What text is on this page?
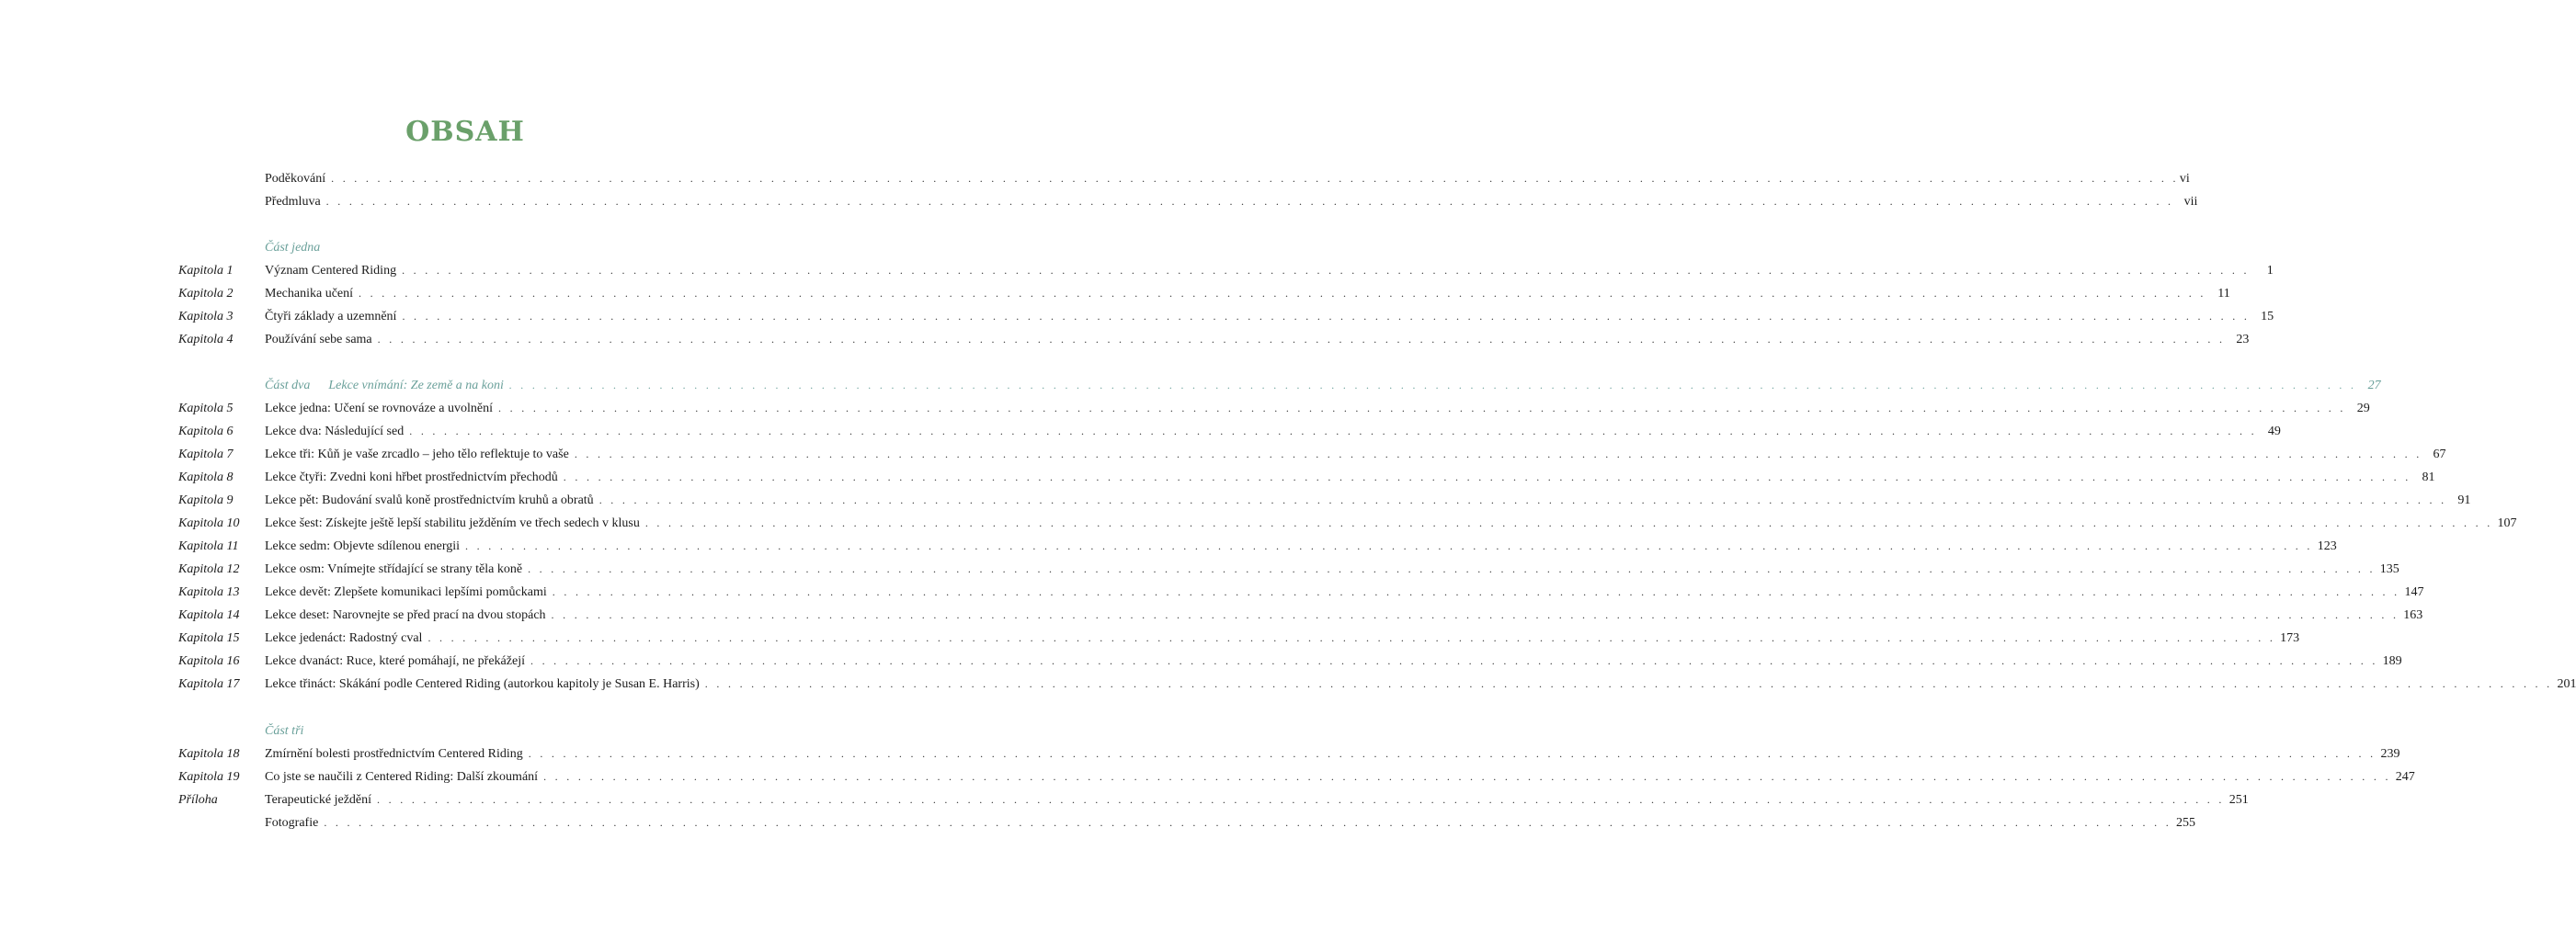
OBSAH
Poděkování . . . . . . . . . . . . . . . . . . . . . . . . . . . . . . . . . . . . . . . . . . . . . . . . . . . . . . . . . . . . . . . . . . . . . . . . . . . . . . . . . . . . . . . . . . . . . . . . . . . . . . . . . . . . . . . . . . . . . . . . . . . . . . . . . . . . . . . . . . . . . . . . . . . . . . . . . . . . . . . . vi
Předmluva . . . . . . . . . . . . . . . . . . . . . . . . . . . . . . . . . . . . . . . . . . . . . . . . . . . . . . . . . . . . . . . . . . . . . . . . . . . . . . . . . . . . . . . . . . . . . . . . . . . . . . . . . . . . . . . . . . . . . . . . . . . . . . . . . . . . . . . . . . . . . . . . . . . . . . . . . . . . . . . . vii
Část jedna
Kapitola 1 Význam Centered Riding . . . . . . . . . . . . . . . . . . . . . . . . . . . . . . . . . . . . . . . . . . . . . . . . . . . . . . . . . . . . . . . . . . . . . . . . . . . . . . . . . . . . . . . . . . . . . . . . . . . . . . . . . . . . . . . . . . . . . . . . . . . . . . . . . . . . . . . . . . . . . . . . . . . . . . . . . . . . . . . .	1
Kapitola 2 Mechanika učení . . . . . . . . . . . . . . . . . . . . . . . . . . . . . . . . . . . . . . . . . . . . . . . . . . . . . . . . . . . . . . . . . . . . . . . . . . . . . . . . . . . . . . . . . . . . . . . . . . . . . . . . . . . . . . . . . . . . . . . . . . . . . . . . . . . . . . . . . . . . . . . . . . . . . . . . . . . . . . . . 11
Kapitola 3 Čtyři základy a uzemnění . . . . . . . . . . . . . . . . . . . . . . . . . . . . . . . . . . . . . . . . . . . . . . . . . . . . . . . . . . . . . . . . . . . . . . . . . . . . . . . . . . . . . . . . . . . . . . . . . . . . . . . . . . . . . . . . . . . . . . . . . . . . . . . . . . . . . . . . . . . . . . . . . . . . . . . . . . . . . . . . 15
Kapitola 4 Používání sebe sama . . . . . . . . . . . . . . . . . . . . . . . . . . . . . . . . . . . . . . . . . . . . . . . . . . . . . . . . . . . . . . . . . . . . . . . . . . . . . . . . . . . . . . . . . . . . . . . . . . . . . . . . . . . . . . . . . . . . . . . . . . . . . . . . . . . . . . . . . . . . . . . . . . . . . . . . . . . . . . . . 23
Část dva	Lekce vnímání: Ze země a na koni . . . . . . . . . . . . . . . . . . . . . . . . . . . . . . . . . . . . . . . . . . . . . . . . . . . . . . . . . . . . . . . . . . . . . . . . . . . . . . . . . . . . . . . . . . . . . . . . . . . . . . . . . . . . . . . . . . . . . . . . . . . . . . . . . . . . . . . . . . . . . . . . . . . . . . . . . . . . . . . . 27
Kapitola 5 Lekce jedna: Učení se rovnováze a uvolnění . . . . . . . . . . . . . . . . . . . . . . . . . . . . . . . . . . . . . . . . . . . . . . . . . . . . . . . . . . . . . . . . . . . . . . . . . . . . . . . . . . . . . . . . . . . . . . . . . . . . . . . . . . . . . . . . . . . . . . . . . . . . . . . . . . . . . . . . . . . . . . . . . . . . . . . . . . . . . . . . 29
Kapitola 6 Lekce dva: Následující sed . . . . . . . . . . . . . . . . . . . . . . . . . . . . . . . . . . . . . . . . . . . . . . . . . . . . . . . . . . . . . . . . . . . . . . . . . . . . . . . . . . . . . . . . . . . . . . . . . . . . . . . . . . . . . . . . . . . . . . . . . . . . . . . . . . . . . . . . . . . . . . . . . . . . . . . . . . . . . . . . 49
Kapitola 7 Lekce tři: Kůň je vaše zrcadlo – jeho tělo reflektuje to vaše . . . . . . . . . . . . . . . . . . . . . . . . . . . . . . . . . . . . . . . . . . . . . . . . . . . . . . . . . . . . . . . . . . . . . . . . . . . . . . . . . . . . . . . . . . . . . . . . . . . . . . . . . . . . . . . . . . . . . . . . . . . . . . . . . . . . . . . . . . . . . . . . . . . . . . . . . . . . . . . . 67
Kapitola 8 Lekce čtyři: Zvedni koni hřbet prostřednictvím přechodů . . . . . . . . . . . . . . . . . . . . . . . . . . . . . . . . . . . . . . . . . . . . . . . . . . . . . . . . . . . . . . . . . . . . . . . . . . . . . . . . . . . . . . . . . . . . . . . . . . . . . . . . . . . . . . . . . . . . . . . . . . . . . . . . . . . . . . . . . . . . . . . . . . . . . . . . . . . . . . . . 81
Kapitola 9 Lekce pět: Budování svalů koně prostřednictvím kruhů a obratů . . . . . . . . . . . . . . . . . . . . . . . . . . . . . . . . . . . . . . . . . . . . . . . . . . . . . . . . . . . . . . . . . . . . . . . . . . . . . . . . . . . . . . . . . . . . . . . . . . . . . . . . . . . . . . . . . . . . . . . . . . . . . . . . . . . . . . . . . . . . . . . . . . . . . . . . . . . . . . . . 91
Kapitola 10 Lekce šest: Získejte ještě lepší stabilitu ježděním ve třech sedech v klusu . . . . . . . . . . . . . . . . . . . . . . . . . . . . . . . . . . . . . . . . . . . . . . . . . . . . . . . . . . . . . . . . . . . . . . . . . . . . . . . . . . . . . . . . . . . . . . . . . . . . . . . . . . . . . . . . . . . . . . . . . . . . . . . . . . . . . . . . . . . . . . . . . . . . . . . . . . . . . . . . 107
Kapitola 11 Lekce sedm: Objevte sdílenou energii . . . . . . . . . . . . . . . . . . . . . . . . . . . . . . . . . . . . . . . . . . . . . . . . . . . . . . . . . . . . . . . . . . . . . . . . . . . . . . . . . . . . . . . . . . . . . . . . . . . . . . . . . . . . . . . . . . . . . . . . . . . . . . . . . . . . . . . . . . . . . . . . . . . . . . . . . . . . . . . . 123
Kapitola 12 Lekce osm: Vnímejte střídající se strany těla koně . . . . . . . . . . . . . . . . . . . . . . . . . . . . . . . . . . . . . . . . . . . . . . . . . . . . . . . . . . . . . . . . . . . . . . . . . . . . . . . . . . . . . . . . . . . . . . . . . . . . . . . . . . . . . . . . . . . . . . . . . . . . . . . . . . . . . . . . . . . . . . . . . . . . . . . . . . . . . . . . 135
Kapitola 13 Lekce devět: Zlepšete komunikaci lepšími pomůckami . . . . . . . . . . . . . . . . . . . . . . . . . . . . . . . . . . . . . . . . . . . . . . . . . . . . . . . . . . . . . . . . . . . . . . . . . . . . . . . . . . . . . . . . . . . . . . . . . . . . . . . . . . . . . . . . . . . . . . . . . . . . . . . . . . . . . . . . . . . . . . . . . . . . . . . . . . . . . . . . 147
Kapitola 14 Lekce deset: Narovnejte se před prací na dvou stopách . . . . . . . . . . . . . . . . . . . . . . . . . . . . . . . . . . . . . . . . . . . . . . . . . . . . . . . . . . . . . . . . . . . . . . . . . . . . . . . . . . . . . . . . . . . . . . . . . . . . . . . . . . . . . . . . . . . . . . . . . . . . . . . . . . . . . . . . . . . . . . . . . . . . . . . . . . . . . . . . 163
Kapitola 15 Lekce jedenáct: Radostný cval . . . . . . . . . . . . . . . . . . . . . . . . . . . . . . . . . . . . . . . . . . . . . . . . . . . . . . . . . . . . . . . . . . . . . . . . . . . . . . . . . . . . . . . . . . . . . . . . . . . . . . . . . . . . . . . . . . . . . . . . . . . . . . . . . . . . . . . . . . . . . . . . . . . . . . . . . . . . . . . . 173
Kapitola 16 Lekce dvanáct: Ruce, které pomáhají, ne překážejí . . . . . . . . . . . . . . . . . . . . . . . . . . . . . . . . . . . . . . . . . . . . . . . . . . . . . . . . . . . . . . . . . . . . . . . . . . . . . . . . . . . . . . . . . . . . . . . . . . . . . . . . . . . . . . . . . . . . . . . . . . . . . . . . . . . . . . . . . . . . . . . . . . . . . . . . . . . . . . . . 189
Kapitola 17 Lekce třináct: Skákání podle Centered Riding (autorkou kapitoly je Susan E. Harris) . . . . . . . . . . . . . . . . . . . . . . . . . . . . . . . . . . . . . . . . . . . . . . . . . . . . . . . . . . . . . . . . . . . . . . . . . . . . . . . . . . . . . . . . . . . . . . . . . . . . . . . . . . . . . . . . . . . . . . . . . . . . . . . . . . . . . . . . . . . . . . . . . . . . . . . . . . . . . . . . 201
Část tři
Kapitola 18 Zmírnění bolesti prostřednictvím Centered Riding . . . . . . . . . . . . . . . . . . . . . . . . . . . . . . . . . . . . . . . . . . . . . . . . . . . . . . . . . . . . . . . . . . . . . . . . . . . . . . . . . . . . . . . . . . . . . . . . . . . . . . . . . . . . . . . . . . . . . . . . . . . . . . . . . . . . . . . . . . . . . . . . . . . . . . . . . . . . . . . . 239
Kapitola 19 Co jste se naučili z Centered Riding: Další zkoumání . . . . . . . . . . . . . . . . . . . . . . . . . . . . . . . . . . . . . . . . . . . . . . . . . . . . . . . . . . . . . . . . . . . . . . . . . . . . . . . . . . . . . . . . . . . . . . . . . . . . . . . . . . . . . . . . . . . . . . . . . . . . . . . . . . . . . . . . . . . . . . . . . . . . . . . . . . . . . . . . 247
Příloha	Terapeutické ježdění . . . . . . . . . . . . . . . . . . . . . . . . . . . . . . . . . . . . . . . . . . . . . . . . . . . . . . . . . . . . . . . . . . . . . . . . . . . . . . . . . . . . . . . . . . . . . . . . . . . . . . . . . . . . . . . . . . . . . . . . . . . . . . . . . . . . . . . . . . . . . . . . . . . . . . . . . . . . . . . . 251
Fotografie . . . . . . . . . . . . . . . . . . . . . . . . . . . . . . . . . . . . . . . . . . . . . . . . . . . . . . . . . . . . . . . . . . . . . . . . . . . . . . . . . . . . . . . . . . . . . . . . . . . . . . . . . . . . . . . . . . . . . . . . . . . . . . . . . . . . . . . . . . . . . . . . . . . . . . . . . . . . . . . . 255
